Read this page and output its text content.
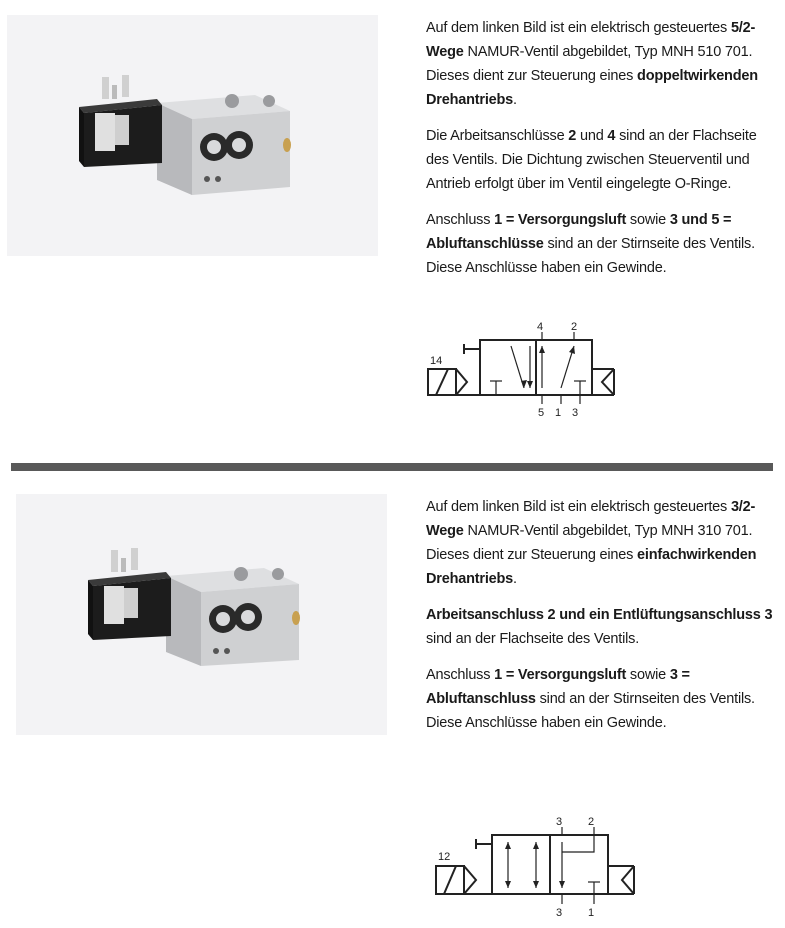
Auf dem linken Bild ist ein elektrisch gesteuertes 5/2-Wege NAMUR-Ventil abgebildet, Typ MNH 510 701. Dieses dient zur Steuerung eines doppeltwirkenden Drehantriebs.

Die Arbeitsanschlüsse 2 und 4 sind an der Flachseite des Ventils. Die Dichtung zwischen Steuerventil und Antrieb erfolgt über im Ventil eingelegte O-Ringe.

Anschluss 1 = Versorgungsluft sowie 3 und 5 = Abluftanschlüsse sind an der Stirnseite des Ventils. Diese Anschlüsse haben ein Gewinde.

14
4	2
5 1 3

Auf dem linken Bild ist ein elektrisch gesteuertes 3/2-Wege NAMUR-Ventil abgebildet, Typ MNH 310 701. Dieses dient zur Steuerung eines einfachwirkenden Drehantriebs.

Arbeitsanschluss 2 und ein Entlüftungsanschluss 3 sind an der Flachseite des Ventils.

Anschluss 1 = Versorgungsluft sowie 3 = Abluftanschluss sind an der Stirnseiten des Ventils. Diese Anschlüsse haben ein Gewinde.

12
3 2
3 1
